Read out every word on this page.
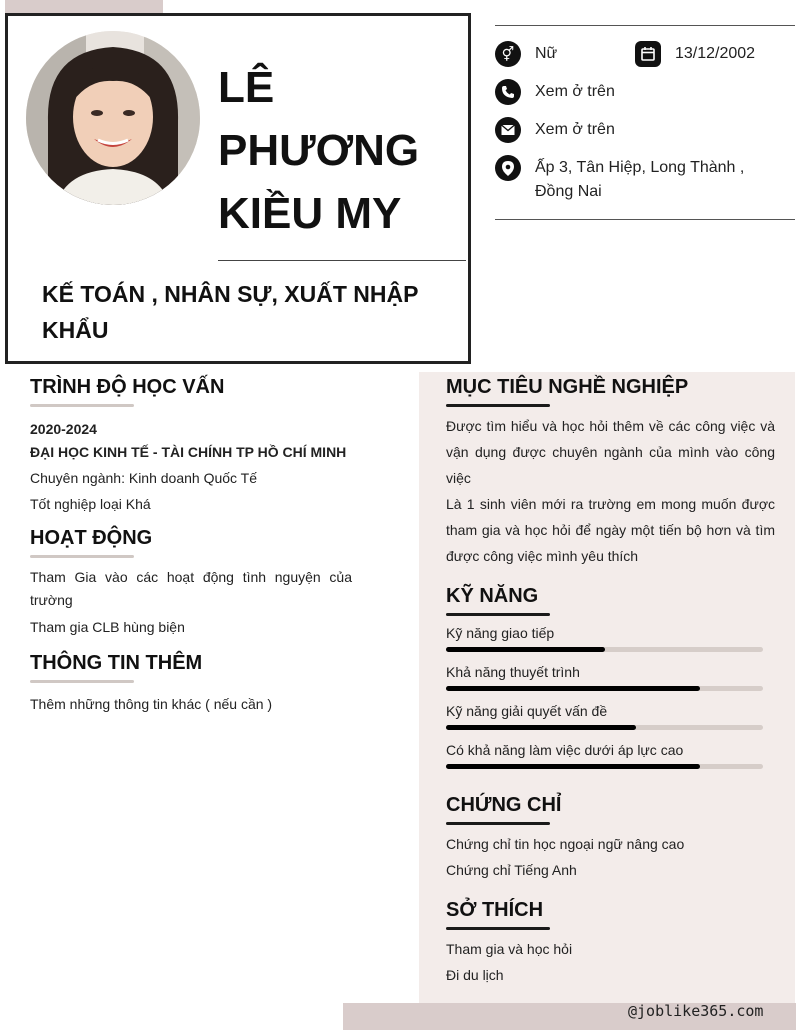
LÊ
PHƯƠNG
KIỀU MY
KẾ TOÁN , NHÂN SỰ, XUẤT NHẬP KHẨU
⚥	Nữ	13/12/2002
Xem ở trên
Xem ở trên
Ấp 3, Tân Hiệp, Long Thành , Đồng Nai
TRÌNH ĐỘ HỌC VẤN
2020-2024
ĐẠI HỌC KINH TẾ - TÀI CHÍNH TP HỒ CHÍ MINH
Chuyên ngành: Kinh doanh Quốc Tế
Tốt nghiệp loại Khá
HOẠT ĐỘNG
Tham Gia vào các hoạt động tình nguyện của trường
Tham gia CLB hùng biện
THÔNG TIN THÊM
Thêm những thông tin khác ( nếu cần )
MỤC TIÊU NGHỀ NGHIỆP
Được tìm hiểu và học hỏi thêm về các công việc và vận dụng được chuyên ngành của mình vào công việc
Là 1 sinh viên mới ra trường em mong muốn được tham gia và học hỏi để ngày một tiến bộ hơn và tìm được công việc mình yêu thích
KỸ NĂNG
Kỹ năng giao tiếp
Khả năng thuyết trình
Kỹ năng giải quyết vấn đề
Có khả năng làm việc dưới áp lực cao
CHỨNG CHỈ
Chứng chỉ tin học ngoại ngữ nâng cao
Chứng chỉ Tiếng Anh
SỞ THÍCH
Tham gia và học hỏi
Đi du lịch
@joblike365.com
